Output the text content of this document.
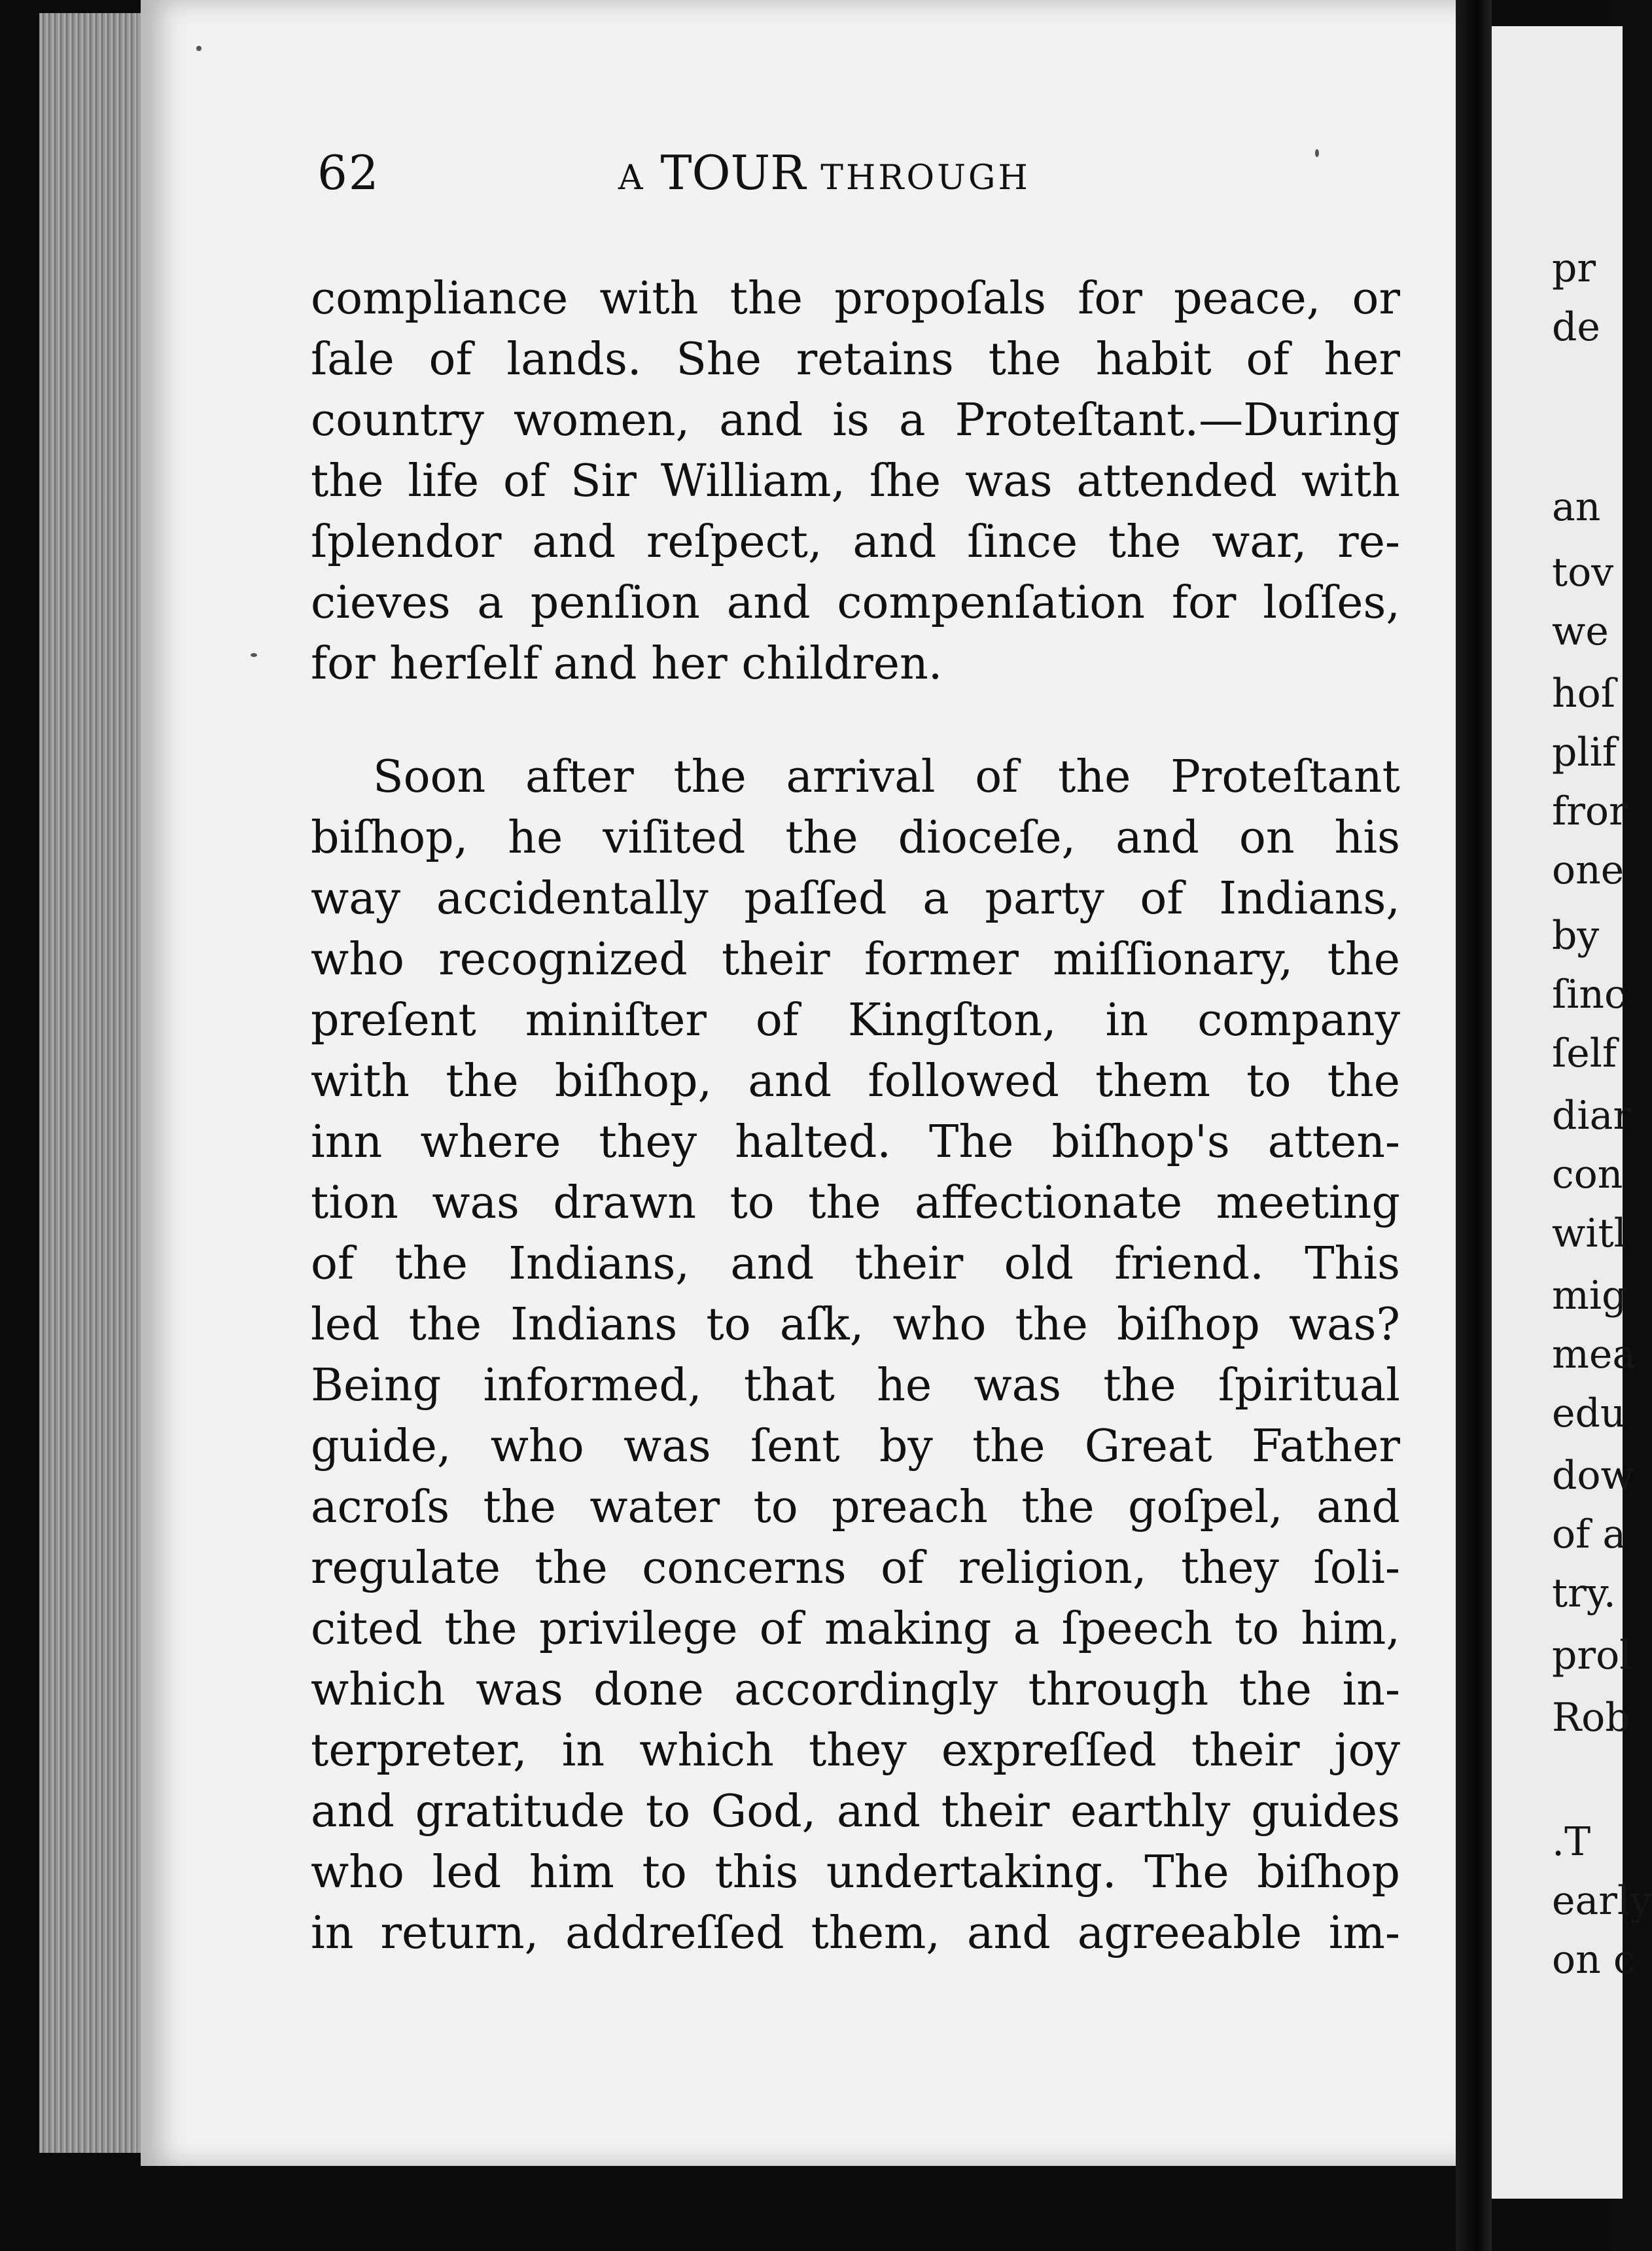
62	A TOUR THROUGH
compliance with the propoſals for peace, or
ſale of lands. She retains the habit of her
country women, and is a Proteſtant.—During
the life of Sir William, ſhe was attended with
ſplendor and reſpect, and ſince the war, re-
cieves a penſion and compenſation for loſſes,
for herſelf and her children.
Soon after the arrival of the Proteſtant
biſhop, he viſited the dioceſe, and on his
way accidentally paſſed a party of Indians,
who recognized their former miſſionary, the
preſent miniſter of Kingſton, in company
with the biſhop, and followed them to the
inn where they halted. The biſhop's atten-
tion was drawn to the affectionate meeting
of the Indians, and their old friend. This
led the Indians to aſk, who the biſhop was?
Being informed, that he was the ſpiritual
guide, who was ſent by the Great Father
acroſs the water to preach the goſpel, and
regulate the concerns of religion, they ſoli-
cited the privilege of making a ſpeech to him,
which was done accordingly through the in-
terpreter, in which they expreſſed their joy
and gratitude to God, and their earthly guides
who led him to this undertaking. The biſhop
in return, addreſſed them, and agreeable im-
pr
de
an
tov
we
hoſ
plif
fror
one
by
ſinc
ſelf
diar
con
witl
mig
mea
edu
dow
of a
try.
prol
Rob
.T
early
on c
